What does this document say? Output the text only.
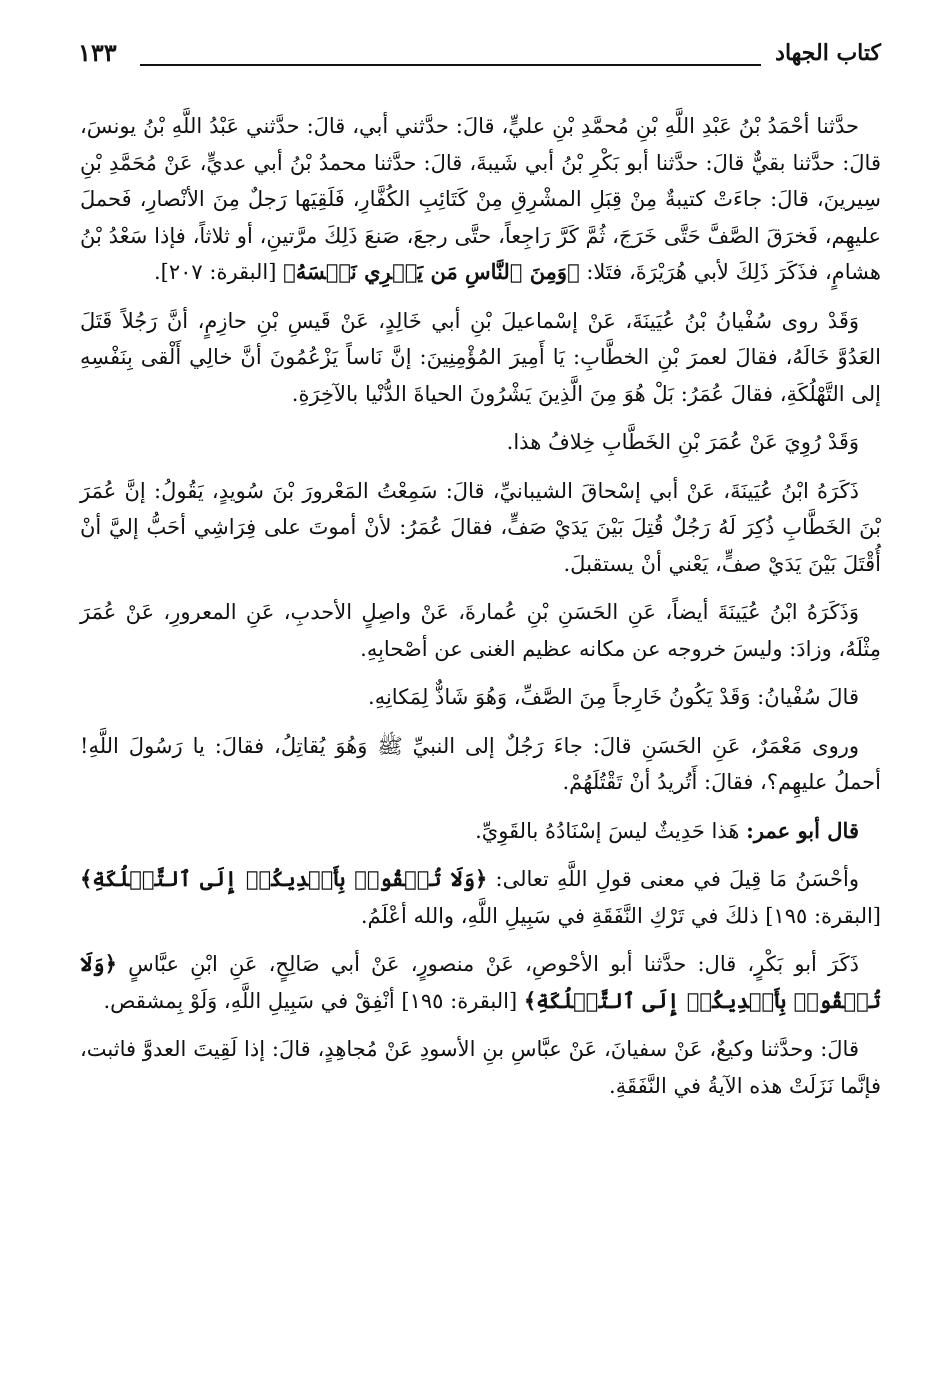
كتاب الجهاد
١٣٣

حدَّثنا أحْمَدُ بْنُ عَبْدِ اللَّهِ بْنِ مُحمَّدِ بْنِ عليٍّ، قالَ: حدَّثني أبي، قالَ: حدَّثني عَبْدُ اللَّهِ بْنُ يونسَ، قالَ: حدَّثنا بقيٌّ قالَ: حدَّثنا أبو بَكْرِ بْنُ أبي شَيبةَ، قالَ: حدَّثنا محمدُ بْنُ أبي عديٍّ، عَنْ مُحَمَّدِ بْنِ سِيرينَ، قالَ: جاءَتْ كتيبةٌ مِنْ قِبَلِ المشْرِقِ مِنْ كَتَائِبِ الكُفَّارِ، فَلَقِيَها رَجلٌ مِنَ الأنْصارِ، فَحملَ عليهِم، فَخرَقَ الصَّفَّ حَتَّى خَرَجَ، ثُمَّ كَرَّ رَاجِعاً، حتَّى رجعَ، صَنعَ ذَلِكَ مرَّتينِ، أو ثلاثاً، فإذا سَعْدُ بْنُ هشامٍ، فذَكَرَ ذَلِكَ لأبي هُرَيْرَةَ، فتَلا: ﴿وَمِنَ ٱلنَّاسِ مَن يَشۡرِي نَفۡسَهُ﴾ [البقرة: ٢٠٧].

وَقَدْ روى سُفْيانُ بْنُ عُيَينَةَ، عَنْ إسْماعيلَ بْنِ أبي خَالِدٍ، عَنْ قَيسِ بْنِ حازِمٍ، أنَّ رَجُلاً قَتَلَ العَدُوَّ خَالَهُ، فقالَ لعمرَ بْنِ الخطَّابِ: يَا أَمِيرَ المُؤْمِنِينَ: إنَّ نَاساً يَزْعُمُونَ أنَّ خالِي أَلْقى بِنَفْسِهِ إلى التَّهْلُكَةِ، فقالَ عُمَرُ: بَلْ هُوَ مِنَ الَّذِينَ يَشْرُونَ الحياةَ الدُّنْيا بالآخِرَةِ.

وَقَدْ رُوِيَ عَنْ عُمَرَ بْنِ الخَطَّابِ خِلافُ هذا.

ذَكَرَهُ ابْنُ عُيَينَةَ، عَنْ أبي إسْحاقَ الشيبانيِّ، قالَ: سَمِعْتُ المَعْرورَ بْنَ سُويدٍ، يَقُولُ: إنَّ عُمَرَ بْنَ الخَطَّابِ ذُكِرَ لَهُ رَجُلٌ قُتِلَ بَيْنَ يَدَيْ صَفٍّ، فقالَ عُمَرُ: لأنْ أموتَ على فِرَاشِي أحَبُّ إليَّ أنْ أُقْتَلَ بَيْنَ يَدَيْ صفٍّ، يَعْني أنْ يستقبلَ.

وَذَكَرَهُ ابْنُ عُيَينَةَ أيضاً، عَنِ الحَسَنِ بْنِ عُمارةَ، عَنْ واصِلٍ الأحدبِ، عَنِ المعرورِ، عَنْ عُمَرَ مِثْلَهُ، وزادَ: وليسَ خروجه عن مكانه عظيم الغنى عن أصْحابِهِ.

قالَ سُفْيانُ: وَقَدْ يَكُونُ خَارِجاً مِنَ الصَّفِّ، وَهُوَ شَاذٌّ لِمَكانِهِ.

وروى مَعْمَرٌ، عَنِ الحَسَنِ قالَ: جاءَ رَجُلٌ إلى النبيِّ ﷺ وَهُوَ يُقاتِلُ، فقالَ: يا رَسُولَ اللَّهِ! أحملُ عليهِم؟، فقالَ: أَتُريدُ أنْ تَقْتُلَهُمْ.

قال أبو عمر: هَذا حَدِيثٌ ليسَ إسْنَادُهُ بالقَوِيِّ.

وأحْسَنُ مَا قِيلَ في معنى قولِ اللَّهِ تعالى: ﴿وَلَا تُلۡقُوا۟ بِأَيۡدِيكُمۡ إِلَى ٱلتَّهۡلُكَةِ﴾ [البقرة: ١٩٥] ذلكَ في تَرْكِ النَّفَقَةِ في سَبِيلِ اللَّهِ، والله أعْلَمُ.

ذَكَرَ أبو بَكْرٍ، قال: حدَّثنا أبو الأحْوصِ، عَنْ منصورٍ، عَنْ أبي صَالِحٍ، عَنِ ابْنِ عبَّاسٍ ﴿وَلَا تُلۡقُوا۟ بِأَيۡدِيكُمۡ إِلَى ٱلتَّهۡلُكَةِ﴾ [البقرة: ١٩٥] أنْفِقْ في سَبِيلِ اللَّهِ، وَلَوْ بِمشقص.

قالَ: وحدَّثنا وكيعٌ، عَنْ سفيانَ، عَنْ عبَّاسِ بنِ الأسودِ عَنْ مُجاهِدٍ، قالَ: إذا لَقِيتَ العدوَّ فاثبت، فإنَّما نَزَلَتْ هذه الآيةُ في النَّفَقَةِ.
